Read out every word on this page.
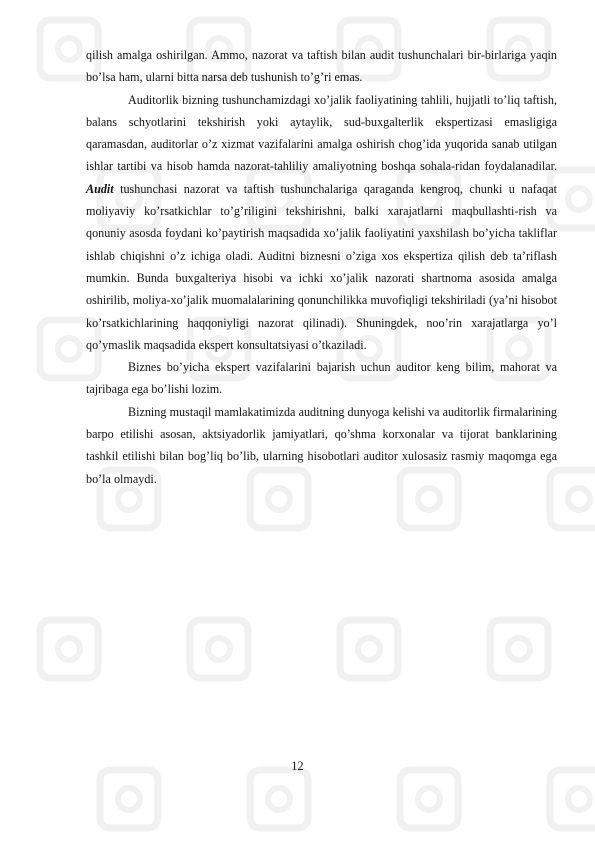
qilish amalga oshirilgan. Ammo, nazorat va taftish bilan audit tushunchalari bir-birlariga yaqin bo’lsa ham, ularni bitta narsa deb tushunish to’g’ri emas.

Auditorlik bizning tushunchamizdagi xo’jalik faoliyatining tahlili, hujjatli to’liq taftish, balans schyotlarini tekshirish yoki aytaylik, sud-buxgalterlik ekspertizasi emasligiga qaramasdan, auditorlar o’z xizmat vazifalarini amalga oshirish chog’ida yuqorida sanab utilgan ishlar tartibi va hisob hamda nazorat-tahliliy amaliyotning boshqa sohala-ridan foydalanadilar. Audit tushunchasi nazorat va taftish tushunchalariga qaraganda kengroq, chunki u nafaqat moliyaviy ko’rsatkichlar to’g’riligini tekshirishni, balki xarajatlarni maqbullashti-rish va qonuniy asosda foydani ko’paytirish maqsadida xo’jalik faoliyatini yaxshilash bo’yicha takliflar ishlab chiqishni o’z ichiga oladi. Auditni biznesni o’ziga xos ekspertiza qilish deb ta’riflash mumkin. Bunda buxgalteriya hisobi va ichki xo’jalik nazorati shartnoma asosida amalga oshirilib, moliya-xo’jalik muomalalarining qonunchilikka muvofiqligi tekshiriladi (ya’ni hisobot ko’rsatkichlarining haqqoniyligi nazorat qilinadi). Shuningdek, noo’rin xarajatlarga yo’l qo’ymaslik maqsadida ekspert konsultatsiyasi o’tkaziladi.

Biznes bo’yicha ekspert vazifalarini bajarish uchun auditor keng bilim, mahorat va tajribaga ega bo’lishi lozim.

Bizning mustaqil mamlakatimizda auditning dunyoga kelishi va auditorlik firmalarining barpo etilishi asosan, aktsiyadorlik jamiyatlari, qo’shma korxonalar va tijorat banklarining tashkil etilishi bilan bog’liq bo’lib, ularning hisobotlari auditor xulosasiz rasmiy maqomga ega bo’la olmaydi.

12
